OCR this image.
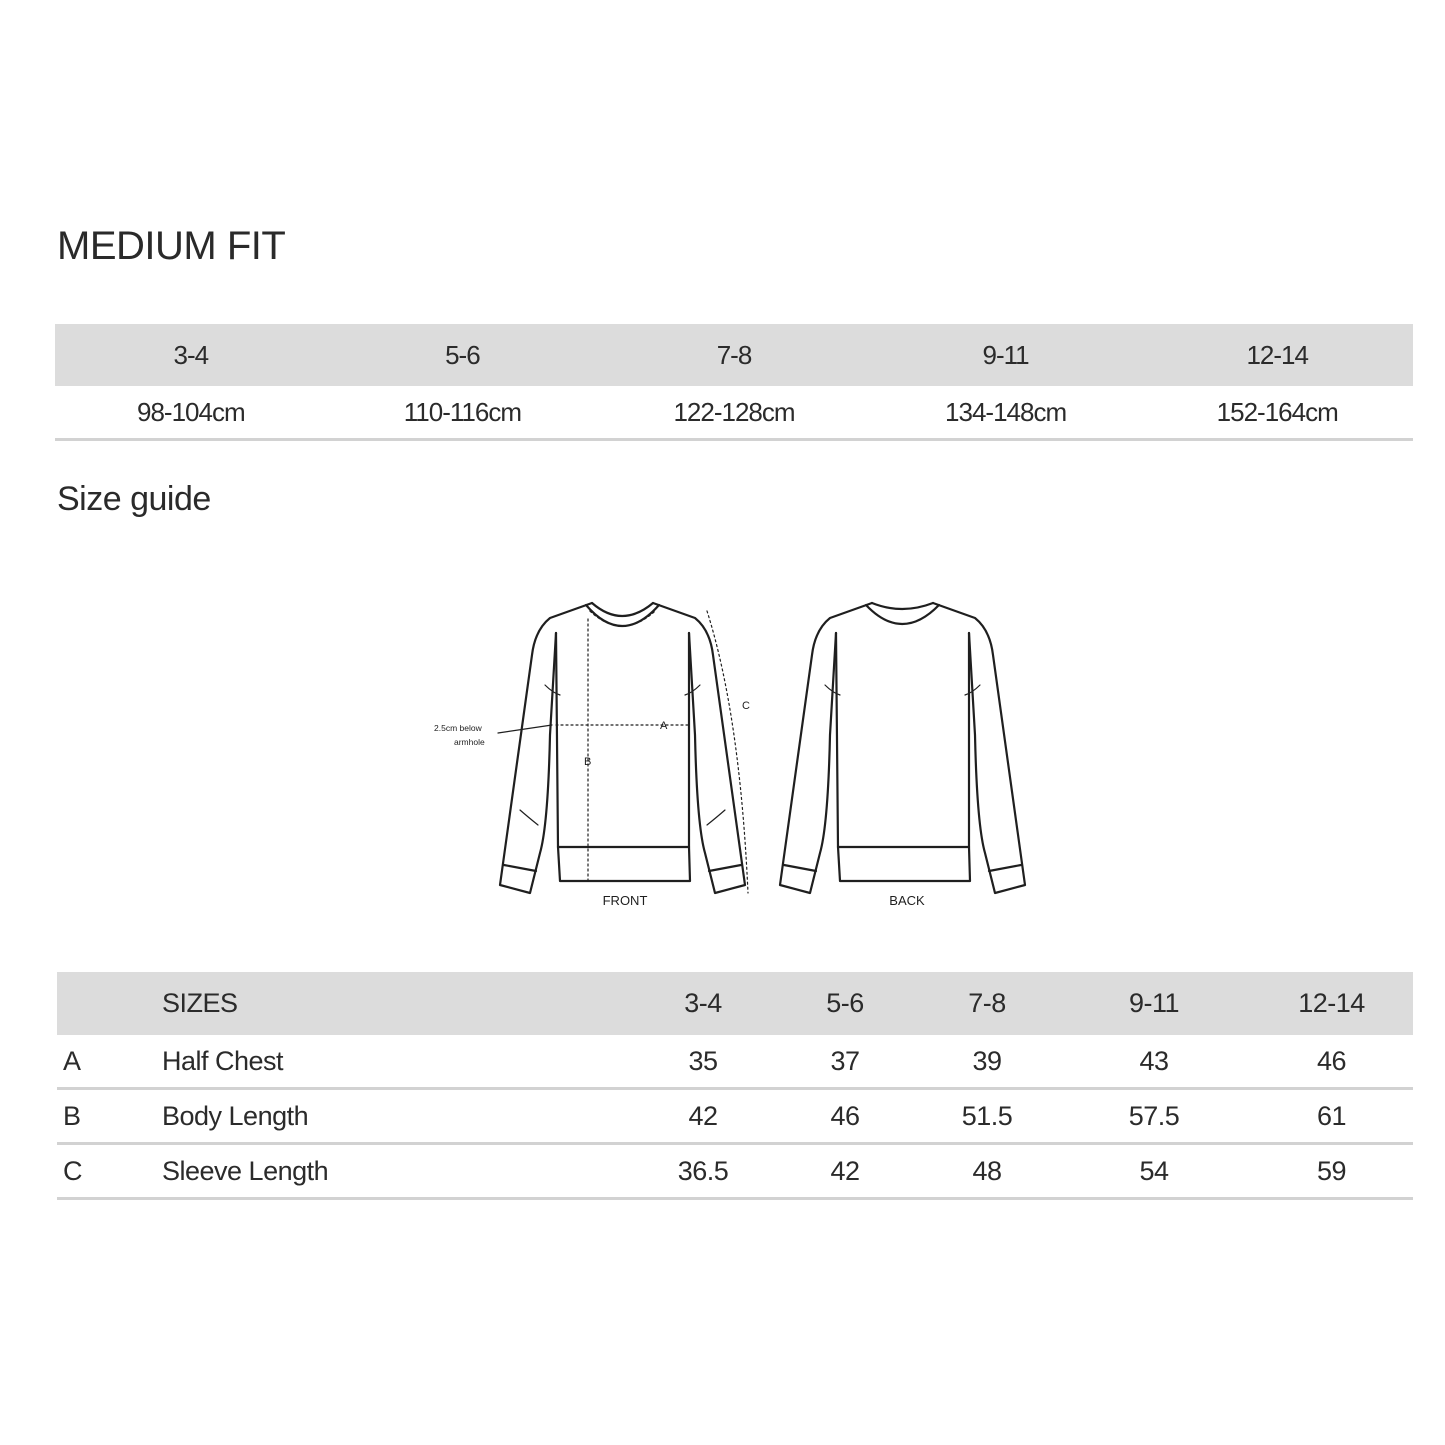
MEDIUM FIT
3-4	5-6	7-8	9-11	12-14
98-104cm	110-116cm	122-128cm	134-148cm	152-164cm
Size guide
A
B
C
2.5cm below
armhole
FRONT	BACK
SIZES	3-4	5-6	7-8	9-11	12-14
A	Half Chest	35	37	39	43	46
B	Body Length	42	46	51.5	57.5	61
C	Sleeve Length	36.5	42	48	54	59
